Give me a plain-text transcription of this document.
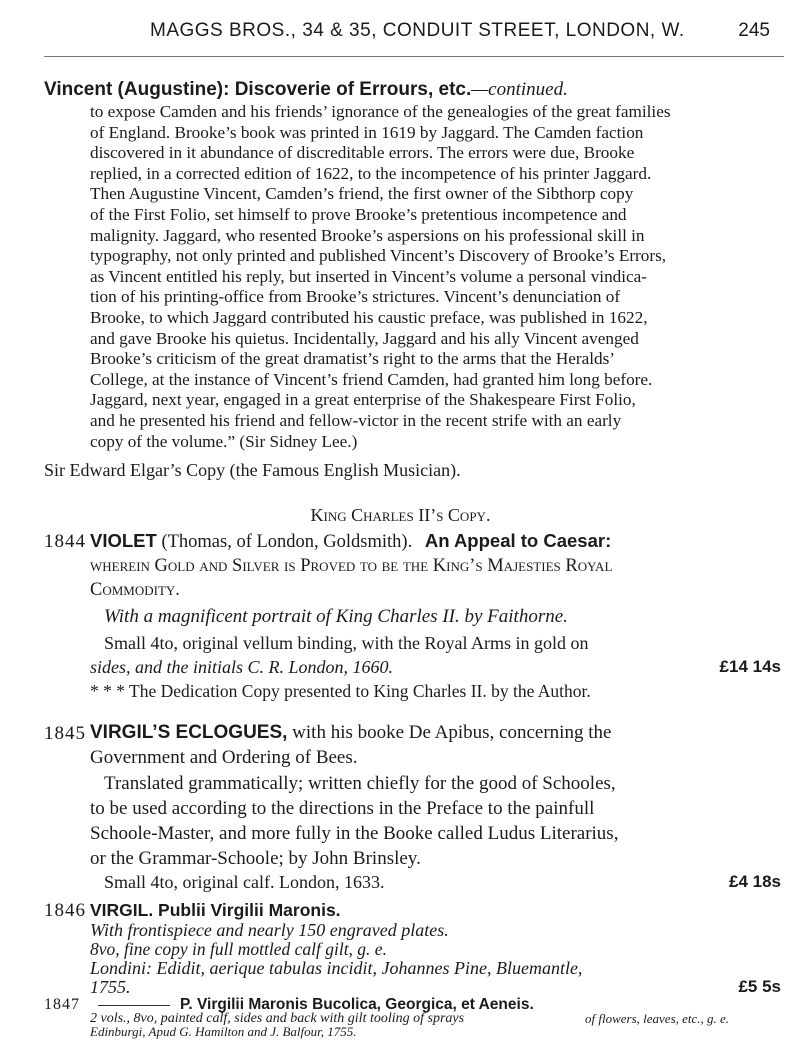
MAGGS BROS., 34 & 35, CONDUIT STREET, LONDON, W.	245
Vincent (Augustine): Discoverie of Errours, etc.—continued.
to expose Camden and his friends’ ignorance of the genealogies of the great families
of England. Brooke’s book was printed in 1619 by Jaggard. The Camden faction
discovered in it abundance of discreditable errors. The errors were due, Brooke
replied, in a corrected edition of 1622, to the incompetence of his printer Jaggard.
Then Augustine Vincent, Camden’s friend, the first owner of the Sibthorp copy
of the First Folio, set himself to prove Brooke’s pretentious incompetence and
malignity. Jaggard, who resented Brooke’s aspersions on his professional skill in
typography, not only printed and published Vincent’s Discovery of Brooke’s Errors,
as Vincent entitled his reply, but inserted in Vincent’s volume a personal vindica-
tion of his printing-office from Brooke’s strictures. Vincent’s denunciation of
Brooke, to which Jaggard contributed his caustic preface, was published in 1622,
and gave Brooke his quietus. Incidentally, Jaggard and his ally Vincent avenged
Brooke’s criticism of the great dramatist’s right to the arms that the Heralds’
College, at the instance of Vincent’s friend Camden, had granted him long before.
Jaggard, next year, engaged in a great enterprise of the Shakespeare First Folio,
and he presented his friend and fellow-victor in the recent strife with an early
copy of the volume.” (Sir Sidney Lee.)
Sir Edward Elgar’s Copy (the Famous English Musician).
King Charles II’s Copy.
1844 VIOLET (Thomas, of London, Goldsmith). An Appeal to Caesar:
wherein Gold and Silver is Proved to be the King’s Majesties Royal
Commodity.
With a magnificent portrait of King Charles II. by Faithorne.
Small 4to, original vellum binding, with the Royal Arms in gold on
sides, and the initials C. R. London, 1660.	£14 14s
* * * The Dedication Copy presented to King Charles II. by the Author.
1845 VIRGIL’S ECLOGUES, with his booke De Apibus, concerning the
Government and Ordering of Bees.
Translated grammatically; written chiefly for the good of Schooles,
to be used according to the directions in the Preface to the painfull
Schoole-Master, and more fully in the Booke called Ludus Literarius,
or the Grammar-Schoole; by John Brinsley.
Small 4to, original calf. London, 1633.	£4 18s
1846 VIRGIL. Publii Virgilii Maronis.
With frontispiece and nearly 150 engraved plates.
8vo, fine copy in full mottled calf gilt, g. e.
Londini: Edidit, aerique tabulas incidit, Johannes Pine, Bluemantle,
1755.	£5 5s
1847	P. Virgilii Maronis Bucolica, Georgica, et Aeneis.
2 vols., 8vo, painted calf, sides and back with gilt tooling of sprays	of flowers, leaves, etc., g. e.
Edinburgi, Apud G. Hamilton and J. Balfour, 1755.
